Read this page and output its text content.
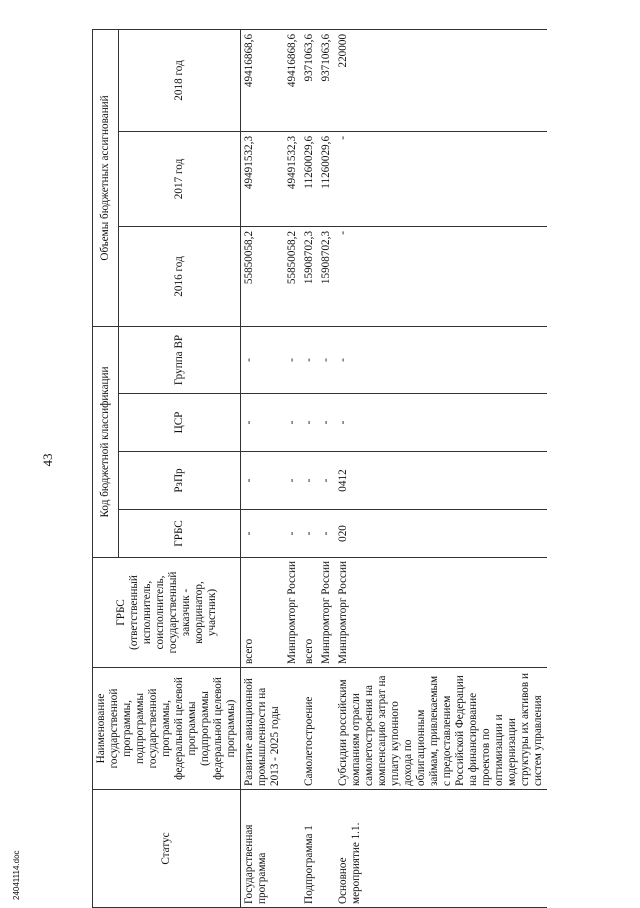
43
Статус	Наименование государственной программы, подпрограммы государственной программы, федеральной целевой программы (подпрограммы федеральной целевой программы)	ГРБС (ответственный исполнитель, соисполнитель, государственный заказчик - координатор, участник)	Код бюджетной классификации				Объемы бюджетных ассигнований		
			ГРБС	РзПр	ЦСР	Группа ВР	2016 год	2017 год	2018 год
Государственная программа	Развитие авиационной промышленности на 2013 - 2025 годы	всего	-	-	-	-	55850058,2	49491532,3	49416868,6
		Минпромторг России	-	-	-	-	55850058,2	49491532,3	49416868,6
Подпрограмма 1	Самолетостроение	всего	-	-	-	-	15908702,3	11260029,6	9371063,6
		Минпромторг России	-	-	-	-	15908702,3	11260029,6	9371063,6
Основное мероприятие 1.1.	Субсидии российским компаниям отрасли самолетостроения на компенсацию затрат на уплату купонного дохода по облигационным займам, привлекаемым с предоставлением Российской Федерации на финансирование проектов по оптимизации и модернизации структуры их активов и систем управления	Минпромторг России	020	0412	-	-	-	-	220000
24041114.doc
